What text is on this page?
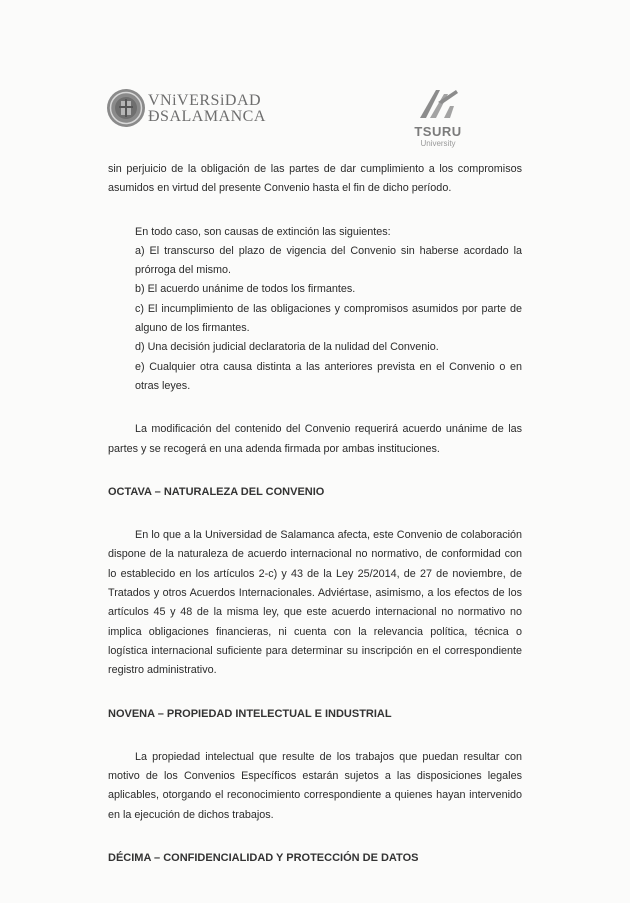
VNiVERSiDAD
ÐSALAMANCA
TSURU
University

sin perjuicio de la obligación de las partes de dar cumplimiento a los compromisos asumidos en virtud del presente Convenio hasta el fin de dicho período.

En todo caso, son causas de extinción las siguientes:

a) El transcurso del plazo de vigencia del Convenio sin haberse acordado la prórroga del mismo.

b) El acuerdo unánime de todos los firmantes.

c) El incumplimiento de las obligaciones y compromisos asumidos por parte de alguno de los firmantes.

d) Una decisión judicial declaratoria de la nulidad del Convenio.

e) Cualquier otra causa distinta a las anteriores prevista en el Convenio o en otras leyes.

La modificación del contenido del Convenio requerirá acuerdo unánime de las partes y se recogerá en una adenda firmada por ambas instituciones.

OCTAVA – NATURALEZA DEL CONVENIO

En lo que a la Universidad de Salamanca afecta, este Convenio de colaboración dispone de la naturaleza de acuerdo internacional no normativo, de conformidad con lo establecido en los artículos 2-c) y 43 de la Ley 25/2014, de 27 de noviembre, de Tratados y otros Acuerdos Internacionales. Adviértase, asimismo, a los efectos de los artículos 45 y 48 de la misma ley, que este acuerdo internacional no normativo no implica obligaciones financieras, ni cuenta con la relevancia política, técnica o logística internacional suficiente para determinar su inscripción en el correspondiente registro administrativo.

NOVENA – PROPIEDAD INTELECTUAL E INDUSTRIAL

La propiedad intelectual que resulte de los trabajos que puedan resultar con motivo de los Convenios Específicos estarán sujetos a las disposiciones legales aplicables, otorgando el reconocimiento correspondiente a quienes hayan intervenido en la ejecución de dichos trabajos.

DÉCIMA – CONFIDENCIALIDAD Y PROTECCIÓN DE DATOS
